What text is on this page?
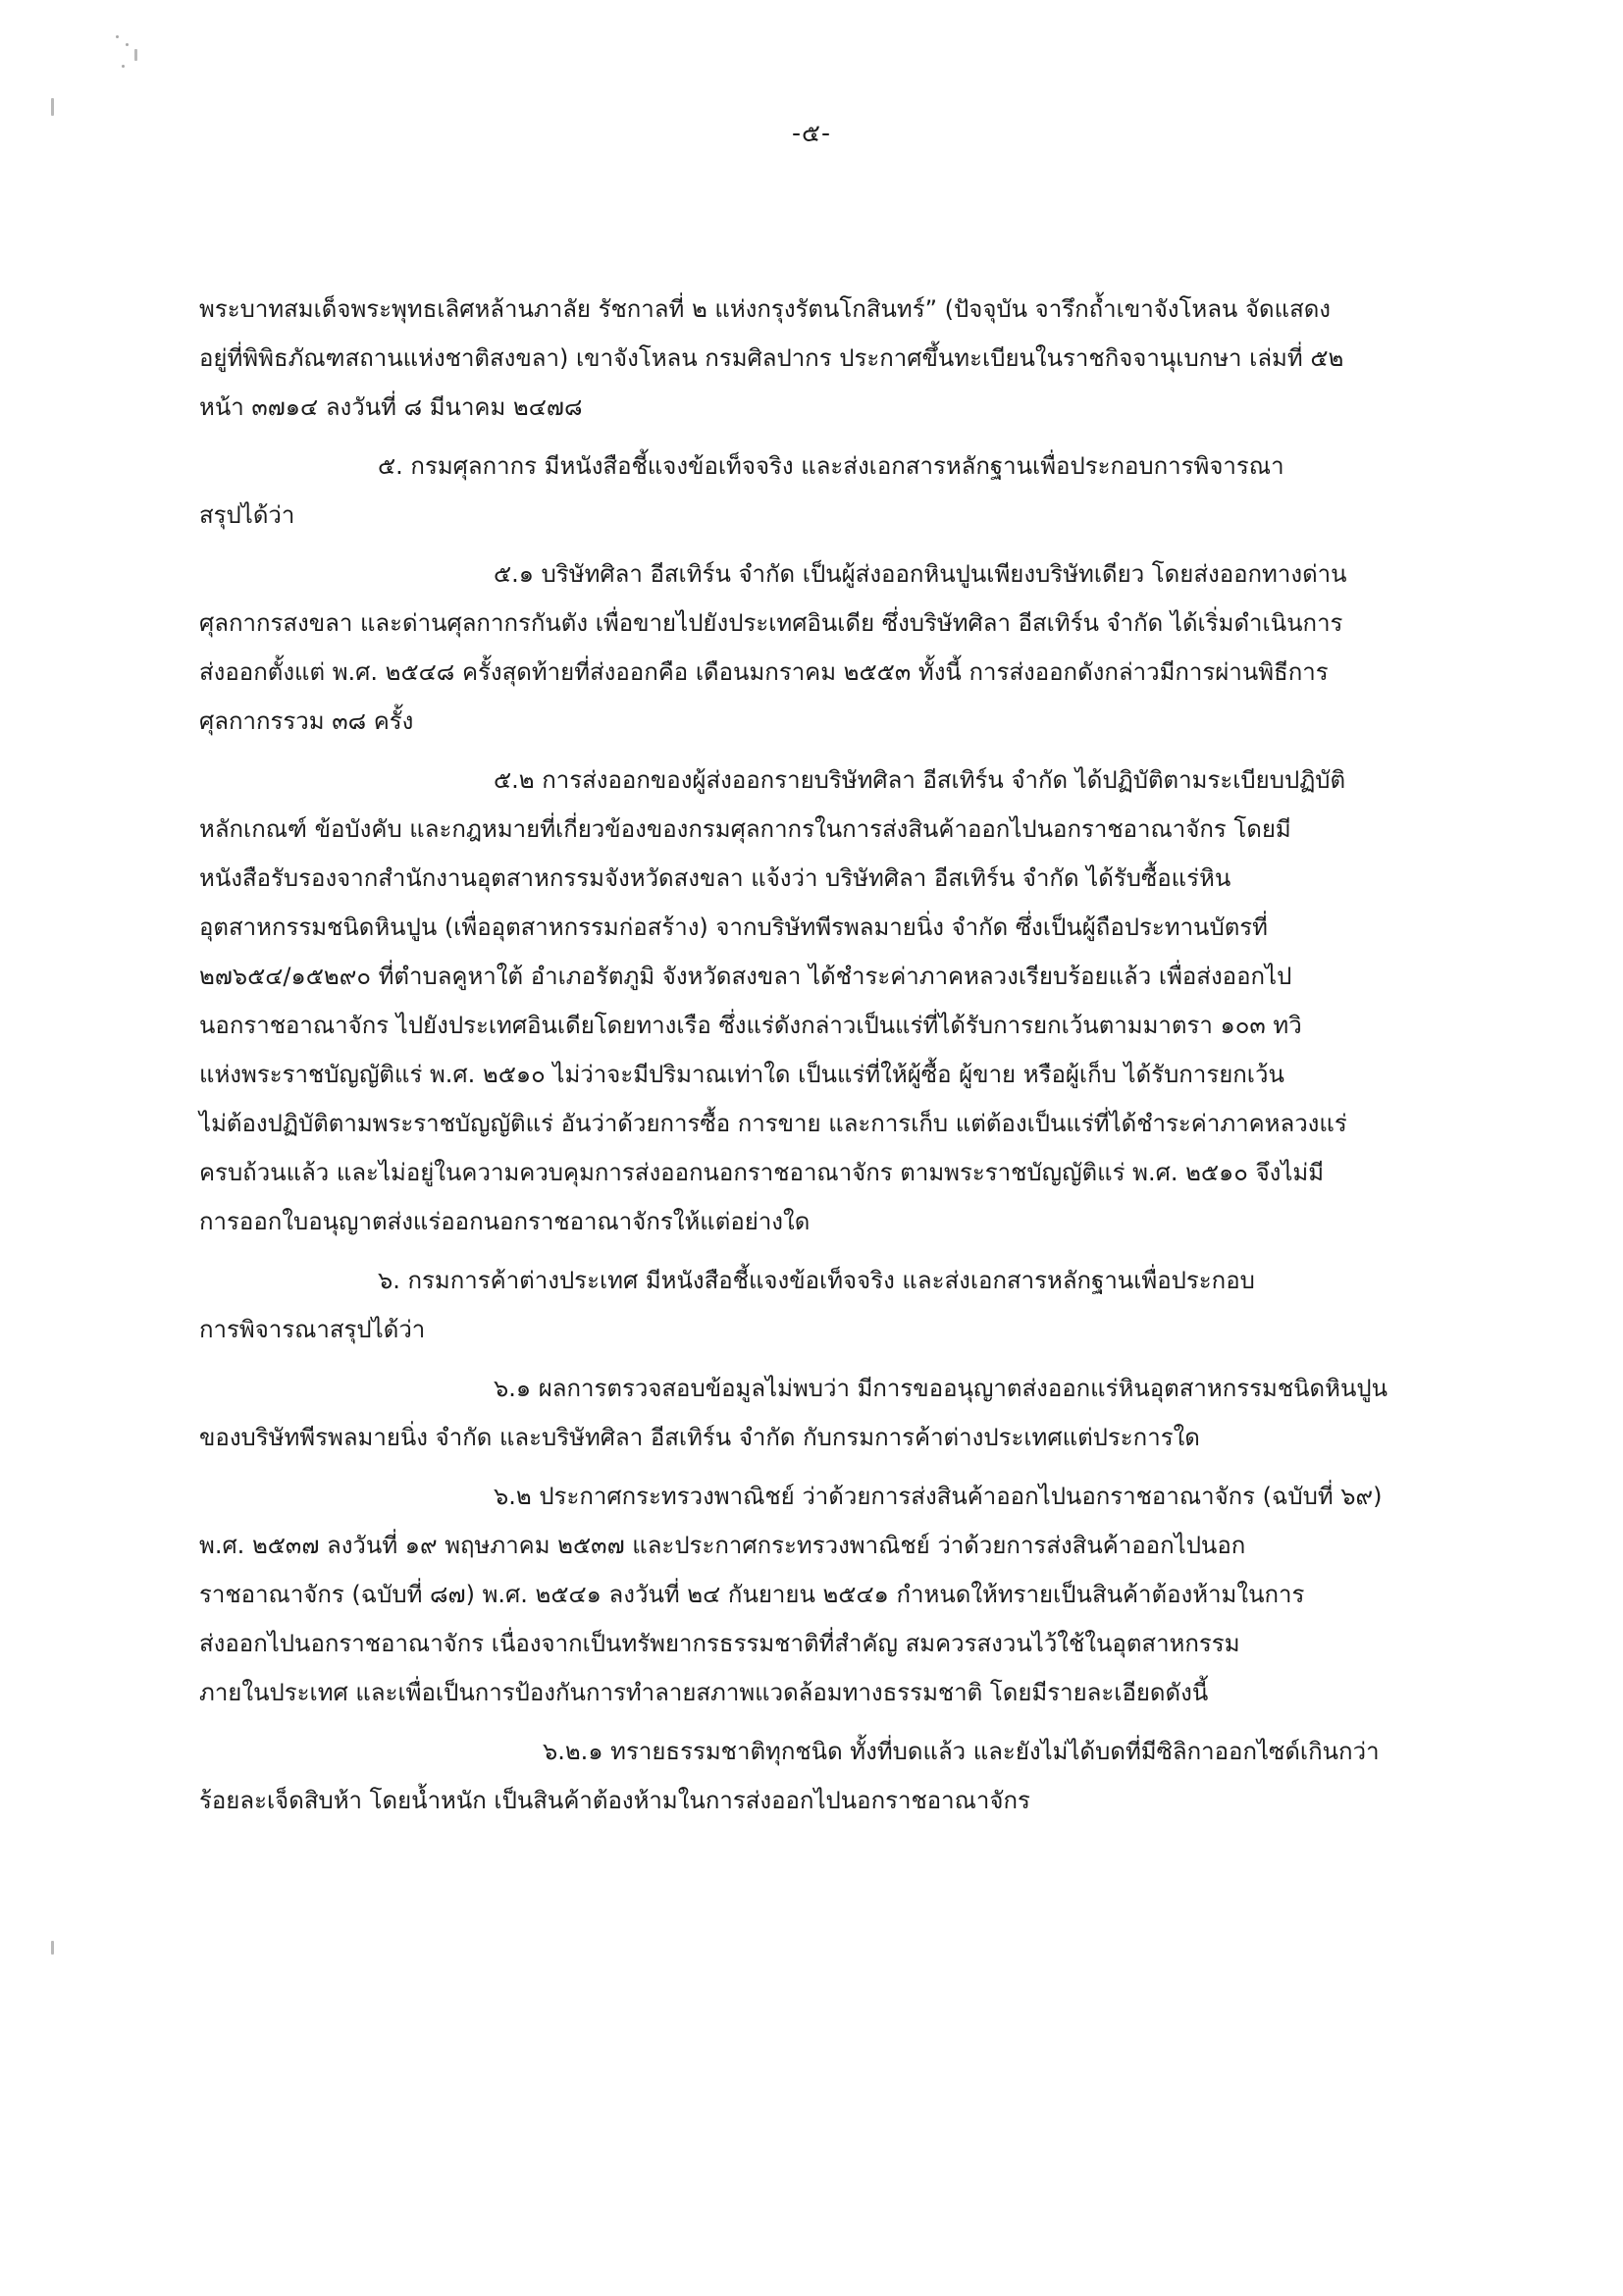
-๕-

พระบาทสมเด็จพระพุทธเลิศหล้านภาลัย รัชกาลที่ ๒ แห่งกรุงรัตนโกสินทร์” (ปัจจุบัน จารึกถ้ำเขาจังโหลน จัดแสดง
อยู่ที่พิพิธภัณฑสถานแห่งชาติสงขลา) เขาจังโหลน กรมศิลปากร ประกาศขึ้นทะเบียนในราชกิจจานุเบกษา เล่มที่ ๕๒
หน้า ๓๗๑๔ ลงวันที่ ๘ มีนาคม ๒๔๗๘

๕. กรมศุลกากร มีหนังสือชี้แจงข้อเท็จจริง และส่งเอกสารหลักฐานเพื่อประกอบการพิจารณา
สรุปได้ว่า

๕.๑ บริษัทศิลา อีสเทิร์น จำกัด เป็นผู้ส่งออกหินปูนเพียงบริษัทเดียว โดยส่งออกทางด่าน
ศุลกากรสงขลา และด่านศุลกากรกันตัง เพื่อขายไปยังประเทศอินเดีย ซึ่งบริษัทศิลา อีสเทิร์น จำกัด ได้เริ่มดำเนินการ
ส่งออกตั้งแต่ พ.ศ. ๒๕๔๘ ครั้งสุดท้ายที่ส่งออกคือ เดือนมกราคม ๒๕๕๓ ทั้งนี้ การส่งออกดังกล่าวมีการผ่านพิธีการ
ศุลกากรรวม ๓๘ ครั้ง

๕.๒ การส่งออกของผู้ส่งออกรายบริษัทศิลา อีสเทิร์น จำกัด ได้ปฏิบัติตามระเบียบปฏิบัติ
หลักเกณฑ์ ข้อบังคับ และกฎหมายที่เกี่ยวข้องของกรมศุลกากรในการส่งสินค้าออกไปนอกราชอาณาจักร โดยมี
หนังสือรับรองจากสำนักงานอุตสาหกรรมจังหวัดสงขลา แจ้งว่า บริษัทศิลา อีสเทิร์น จำกัด ได้รับซื้อแร่หิน
อุตสาหกรรมชนิดหินปูน (เพื่ออุตสาหกรรมก่อสร้าง) จากบริษัทพีรพลมายนิ่ง จำกัด ซึ่งเป็นผู้ถือประทานบัตรที่
๒๗๖๕๔/๑๕๒๙๐ ที่ตำบลคูหาใต้ อำเภอรัตภูมิ จังหวัดสงขลา ได้ชำระค่าภาคหลวงเรียบร้อยแล้ว เพื่อส่งออกไป
นอกราชอาณาจักร ไปยังประเทศอินเดียโดยทางเรือ ซึ่งแร่ดังกล่าวเป็นแร่ที่ได้รับการยกเว้นตามมาตรา ๑๐๓ ทวิ
แห่งพระราชบัญญัติแร่ พ.ศ. ๒๕๑๐ ไม่ว่าจะมีปริมาณเท่าใด เป็นแร่ที่ให้ผู้ซื้อ ผู้ขาย หรือผู้เก็บ ได้รับการยกเว้น
ไม่ต้องปฏิบัติตามพระราชบัญญัติแร่ อันว่าด้วยการซื้อ การขาย และการเก็บ แต่ต้องเป็นแร่ที่ได้ชำระค่าภาคหลวงแร่
ครบถ้วนแล้ว และไม่อยู่ในความควบคุมการส่งออกนอกราชอาณาจักร ตามพระราชบัญญัติแร่ พ.ศ. ๒๕๑๐ จึงไม่มี
การออกใบอนุญาตส่งแร่ออกนอกราชอาณาจักรให้แต่อย่างใด

๖. กรมการค้าต่างประเทศ มีหนังสือชี้แจงข้อเท็จจริง และส่งเอกสารหลักฐานเพื่อประกอบ
การพิจารณาสรุปได้ว่า

๖.๑ ผลการตรวจสอบข้อมูลไม่พบว่า มีการขออนุญาตส่งออกแร่หินอุตสาหกรรมชนิดหินปูน
ของบริษัทพีรพลมายนิ่ง จำกัด และบริษัทศิลา อีสเทิร์น จำกัด กับกรมการค้าต่างประเทศแต่ประการใด

๖.๒ ประกาศกระทรวงพาณิชย์ ว่าด้วยการส่งสินค้าออกไปนอกราชอาณาจักร (ฉบับที่ ๖๙)
พ.ศ. ๒๕๓๗ ลงวันที่ ๑๙ พฤษภาคม ๒๕๓๗ และประกาศกระทรวงพาณิชย์ ว่าด้วยการส่งสินค้าออกไปนอก
ราชอาณาจักร (ฉบับที่ ๘๗) พ.ศ. ๒๕๔๑ ลงวันที่ ๒๔ กันยายน ๒๕๔๑ กำหนดให้ทรายเป็นสินค้าต้องห้ามในการ
ส่งออกไปนอกราชอาณาจักร เนื่องจากเป็นทรัพยากรธรรมชาติที่สำคัญ สมควรสงวนไว้ใช้ในอุตสาหกรรม
ภายในประเทศ และเพื่อเป็นการป้องกันการทำลายสภาพแวดล้อมทางธรรมชาติ โดยมีรายละเอียดดังนี้

๖.๒.๑ ทรายธรรมชาติทุกชนิด ทั้งที่บดแล้ว และยังไม่ได้บดที่มีซิลิกาออกไซด์เกินกว่า
ร้อยละเจ็ดสิบห้า โดยน้ำหนัก เป็นสินค้าต้องห้ามในการส่งออกไปนอกราชอาณาจักร
